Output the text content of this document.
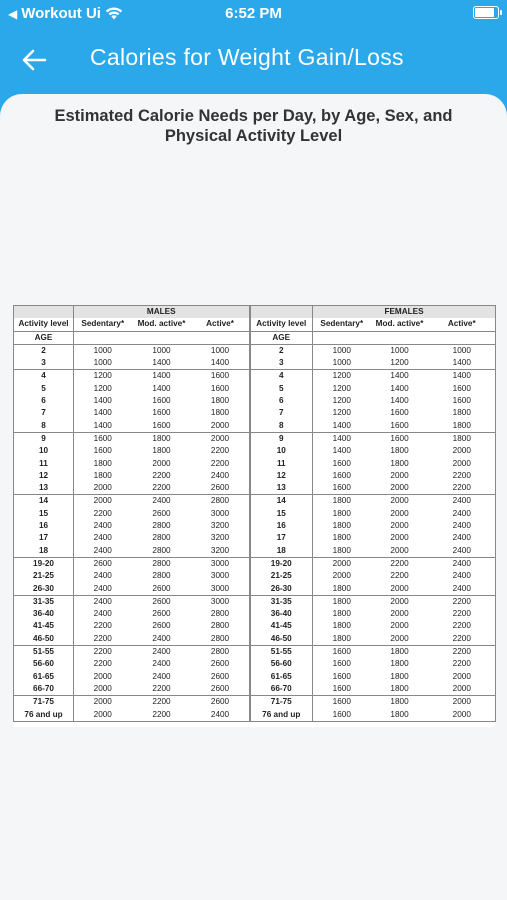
◀ Workout Ui	6:52 PM
Calories for Weight Gain/Loss
Estimated Calorie Needs per Day, by Age, Sex, and Physical Activity Level
	MALES				FEMALES		
Activity level	Sedentary*	Mod. active*	Active*	Activity level	Sedentary*	Mod. active*	Active*
AGE				AGE			
2	1000	1000	1000	2	1000	1000	1000
3	1000	1400	1400	3	1000	1200	1400
4	1200	1400	1600	4	1200	1400	1400
5	1200	1400	1600	5	1200	1400	1600
6	1400	1600	1800	6	1200	1400	1600
7	1400	1600	1800	7	1200	1600	1800
8	1400	1600	2000	8	1400	1600	1800
9	1600	1800	2000	9	1400	1600	1800
10	1600	1800	2200	10	1400	1800	2000
11	1800	2000	2200	11	1600	1800	2000
12	1800	2200	2400	12	1600	2000	2200
13	2000	2200	2600	13	1600	2000	2200
14	2000	2400	2800	14	1800	2000	2400
15	2200	2600	3000	15	1800	2000	2400
16	2400	2800	3200	16	1800	2000	2400
17	2400	2800	3200	17	1800	2000	2400
18	2400	2800	3200	18	1800	2000	2400
19-20	2600	2800	3000	19-20	2000	2200	2400
21-25	2400	2800	3000	21-25	2000	2200	2400
26-30	2400	2600	3000	26-30	1800	2000	2400
31-35	2400	2600	3000	31-35	1800	2000	2200
36-40	2400	2600	2800	36-40	1800	2000	2200
41-45	2200	2600	2800	41-45	1800	2000	2200
46-50	2200	2400	2800	46-50	1800	2000	2200
51-55	2200	2400	2800	51-55	1600	1800	2200
56-60	2200	2400	2600	56-60	1600	1800	2200
61-65	2000	2400	2600	61-65	1600	1800	2000
66-70	2000	2200	2600	66-70	1600	1800	2000
71-75	2000	2200	2600	71-75	1600	1800	2000
76 and up	2000	2200	2400	76 and up	1600	1800	2000
